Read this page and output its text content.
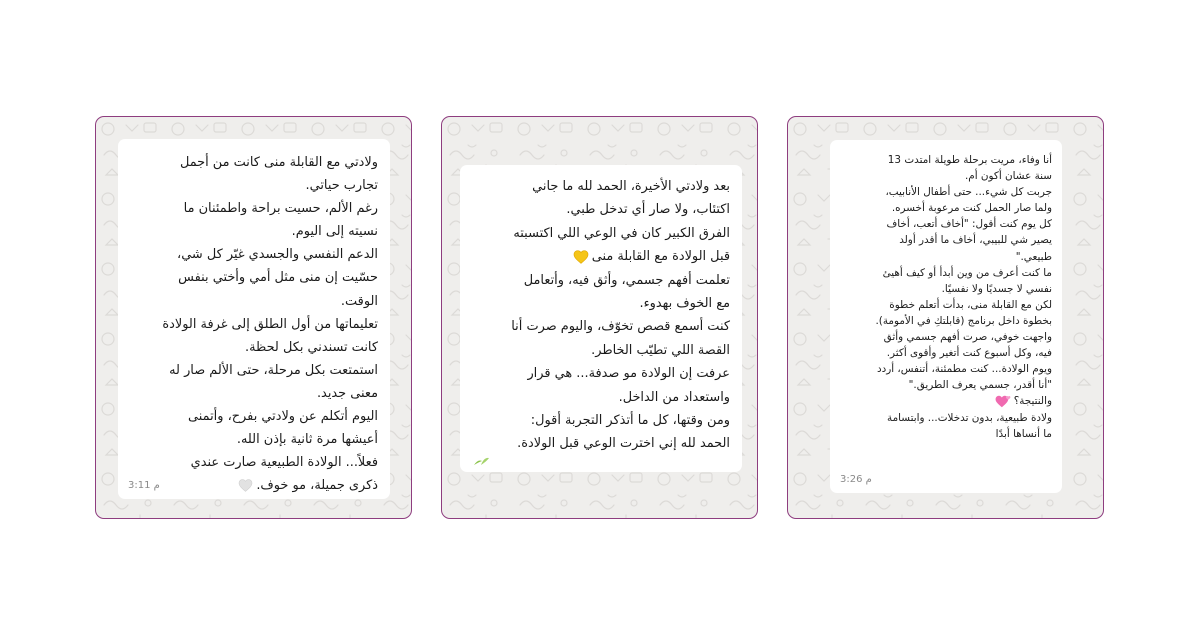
ولادتي مع القابلة منى كانت من أجمل
تجارب حياتي.
رغم الألم، حسيت براحة واطمئنان ما
نسيته إلى اليوم.
الدعم النفسي والجسدي غيّر كل شي،
حسّيت إن منى مثل أمي وأختي بنفس
الوقت.
تعليماتها من أول الطلق إلى غرفة الولادة
كانت تسندني بكل لحظة.
استمتعت بكل مرحلة، حتى الألم صار له
معنى جديد.
اليوم أتكلم عن ولادتي بفرح، وأتمنى
أعيشها مرة ثانية بإذن الله.
فعلاً... الولادة الطبيعية صارت عندي
ذكرى جميلة، مو خوف.
3:11 م
بعد ولادتي الأخيرة، الحمد لله ما جاني
اكتئاب، ولا صار أي تدخل طبي.
الفرق الكبير كان في الوعي اللي اكتسبته
قبل الولادة مع القابلة منى
تعلمت أفهم جسمي، وأثق فيه، وأتعامل
مع الخوف بهدوء.
كنت أسمع قصص تخوّف، واليوم صرت أنا
القصة اللي تطيّب الخاطر.
عرفت إن الولادة مو صدفة... هي قرار
واستعداد من الداخل.
ومن وقتها، كل ما أتذكر التجربة أقول:
الحمد لله إني اخترت الوعي قبل الولادة.
أنا وفاء، مريت برحلة طويلة امتدت 13
سنة عشان أكون أم.
جربت كل شيء... حتى أطفال الأنابيب،
ولما صار الحمل كنت مرعوبة أخسره.
كل يوم كنت أقول: "أخاف أتعب، أخاف
يصير شي للبيبي، أخاف ما أقدر أولد
طبيعي."
ما كنت أعرف من وين أبدأ أو كيف أهيئ
نفسي لا جسديًا ولا نفسيًا.
لكن مع القابلة منى، بدأت أتعلم خطوة
بخطوة داخل برنامج (قابلتكِ في الأمومة).
واجهت خوفي، صرت أفهم جسمي وأثق
فيه، وكل أسبوع كنت أتغير وأقوى أكثر.
ويوم الولادة... كنت مطمئنة، أتنفس، أردد
"أنا أقدر، جسمي يعرف الطريق."
والنتيجة؟
ولادة طبيعية، بدون تدخلات... وابتسامة
ما أنساها أبدًا
3:26 م
